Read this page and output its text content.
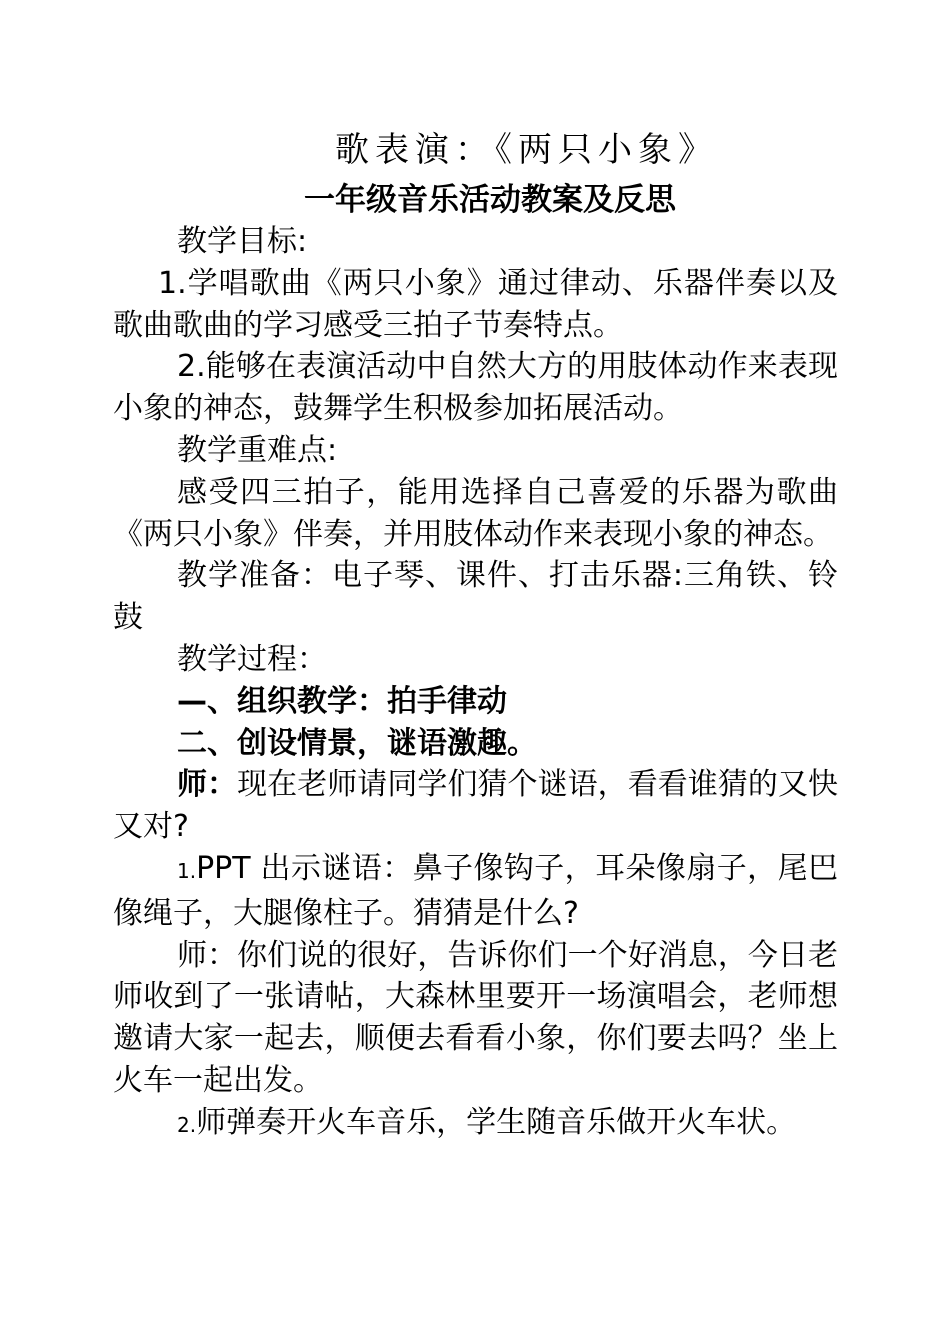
歌表演：《两只小象》
一年级音乐活动教案及反思

教学目标:

1.学唱歌曲《两只小象》通过律动、乐器伴奏以及歌曲歌曲的学习感受三拍子节奏特点。

2.能够在表演活动中自然大方的用肢体动作来表现小象的神态，鼓舞学生积极参加拓展活动。

教学重难点:

感受四三拍子，能用选择自己喜爱的乐器为歌曲《两只小象》伴奏，并用肢体动作来表现小象的神态。

教学准备：电子琴、课件、打击乐器:三角铁、铃鼓

教学过程：

—、组织教学：拍手律动

二、创设情景，谜语激趣。

师：现在老师请同学们猜个谜语，看看谁猜的又快又对?

1.PPT 出示谜语：鼻子像钩子，耳朵像扇子，尾巴像绳子，大腿像柱子。猜猜是什么?

师：你们说的很好，告诉你们一个好消息，今日老师收到了一张请帖，大森林里要开一场演唱会，老师想邀请大家一起去，顺便去看看小象，你们要去吗？坐上火车一起出发。

2.师弹奏开火车音乐，学生随音乐做开火车状。
